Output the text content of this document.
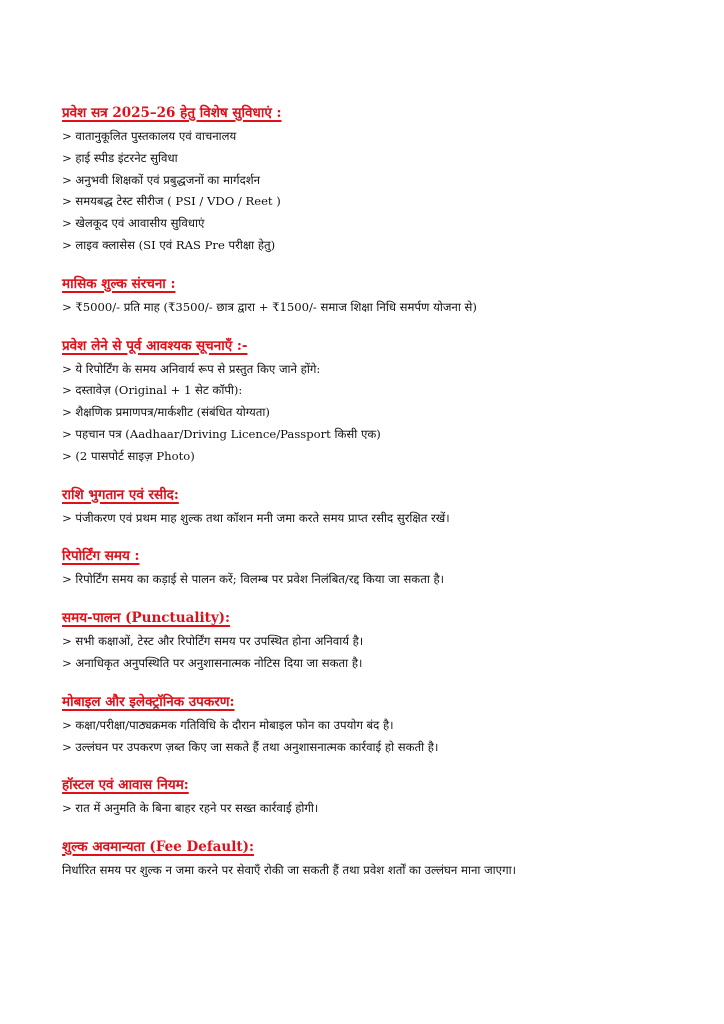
प्रवेश सत्र 2025–26 हेतु विशेष सुविधाएं :
> वातानुकूलित पुस्तकालय एवं वाचनालय
> हाई स्पीड इंटरनेट सुविधा
> अनुभवी शिक्षकों एवं प्रबुद्धजनों का मार्गदर्शन
> समयबद्ध टेस्ट सीरीज ( PSI / VDO / Reet )
> खेलकूद एवं आवासीय सुविधाएं
> लाइव क्लासेस (SI एवं RAS Pre परीक्षा हेतु)
मासिक शुल्क संरचना :
> ₹5000/- प्रति माह (₹3500/- छात्र द्वारा + ₹1500/- समाज शिक्षा निधि समर्पण योजना से)
प्रवेश लेने से पूर्व आवश्यक सूचनाएँ :-
> ये रिपोर्टिंग के समय अनिवार्य रूप से प्रस्तुत किए जाने होंगे:
> दस्तावेज़ (Original + 1 सेट कॉपी):
> शैक्षणिक प्रमाणपत्र/मार्कशीट (संबंधित योग्यता)
> पहचान पत्र (Aadhaar/Driving Licence/Passport किसी एक)
> (2 पासपोर्ट साइज़ Photo)
राशि भुगतान एवं रसीद:
> पंजीकरण एवं प्रथम माह शुल्क तथा कॉशन मनी जमा करते समय प्राप्त रसीद सुरक्षित रखें।
रिपोर्टिंग समय :
> रिपोर्टिंग समय का कड़ाई से पालन करें; विलम्ब पर प्रवेश निलंबित/रद्द किया जा सकता है।
समय-पालन (Punctuality):
> सभी कक्षाओं, टेस्ट और रिपोर्टिंग समय पर उपस्थित होना अनिवार्य है।
> अनाधिकृत अनुपस्थिति पर अनुशासनात्मक नोटिस दिया जा सकता है।
मोबाइल और इलेक्ट्रॉनिक उपकरण:
> कक्षा/परीक्षा/पाठ्यक्रमक गतिविधि के दौरान मोबाइल फोन का उपयोग बंद है।
> उल्लंघन पर उपकरण ज़ब्त किए जा सकते हैं तथा अनुशासनात्मक कार्रवाई हो सकती है।
हॉस्टल एवं आवास नियम:
> रात में अनुमति के बिना बाहर रहने पर सख्त कार्रवाई होगी।
शुल्क अवमान्यता (Fee Default):
निर्धारित समय पर शुल्क न जमा करने पर सेवाएँ रोकी जा सकती हैं तथा प्रवेश शर्तों का उल्लंघन माना जाएगा।
